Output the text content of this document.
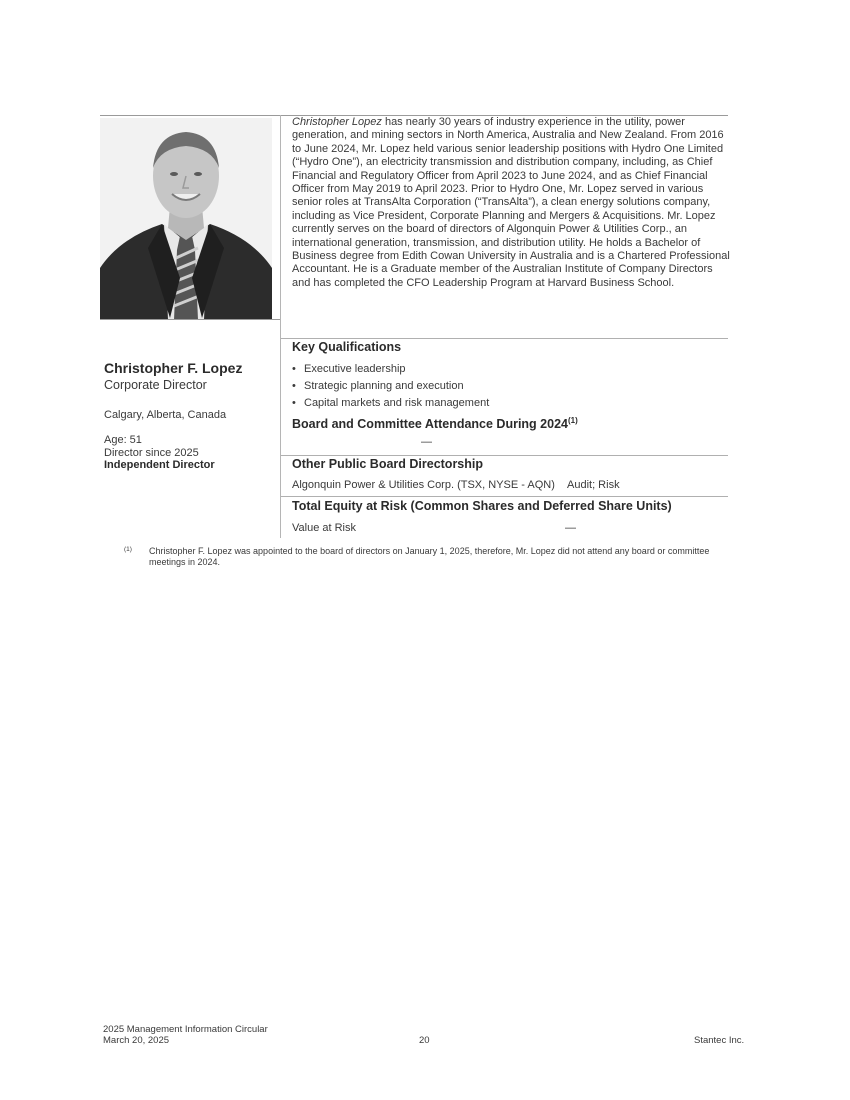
Christopher F. Lopez
Corporate Director
Calgary, Alberta, Canada
Age: 51
Director since 2025
Independent Director
Christopher Lopez has nearly 30 years of industry experience in the utility, power generation, and mining sectors in North America, Australia and New Zealand. From 2016 to June 2024, Mr. Lopez held various senior leadership positions with Hydro One Limited (“Hydro One”), an electricity transmission and distribution company, including, as Chief Financial and Regulatory Officer from April 2023 to June 2024, and as Chief Financial Officer from May 2019 to April 2023. Prior to Hydro One, Mr. Lopez served in various senior roles at TransAlta Corporation (“TransAlta”), a clean energy solutions company, including as Vice President, Corporate Planning and Mergers & Acquisitions. Mr. Lopez currently serves on the board of directors of Algonquin Power & Utilities Corp., an international generation, transmission, and distribution utility. He holds a Bachelor of Business degree from Edith Cowan University in Australia and is a Chartered Professional Accountant. He is a Graduate member of the Australian Institute of Company Directors and has completed the CFO Leadership Program at Harvard Business School.
Key Qualifications
• Executive leadership
• Strategic planning and execution
• Capital markets and risk management
Board and Committee Attendance During 2024$^{(1)}$
—
Other Public Board Directorship
Algonquin Power & Utilities Corp. (TSX, NYSE - AQN) Audit; Risk
Total Equity at Risk (Common Shares and Deferred Share Units)
Value at Risk	—
(1) Christopher F. Lopez was appointed to the board of directors on January 1, 2025, therefore, Mr. Lopez did not attend any board or committee meetings in 2024.
2025 Management Information Circular
March 20, 2025	20	Stantec Inc.
